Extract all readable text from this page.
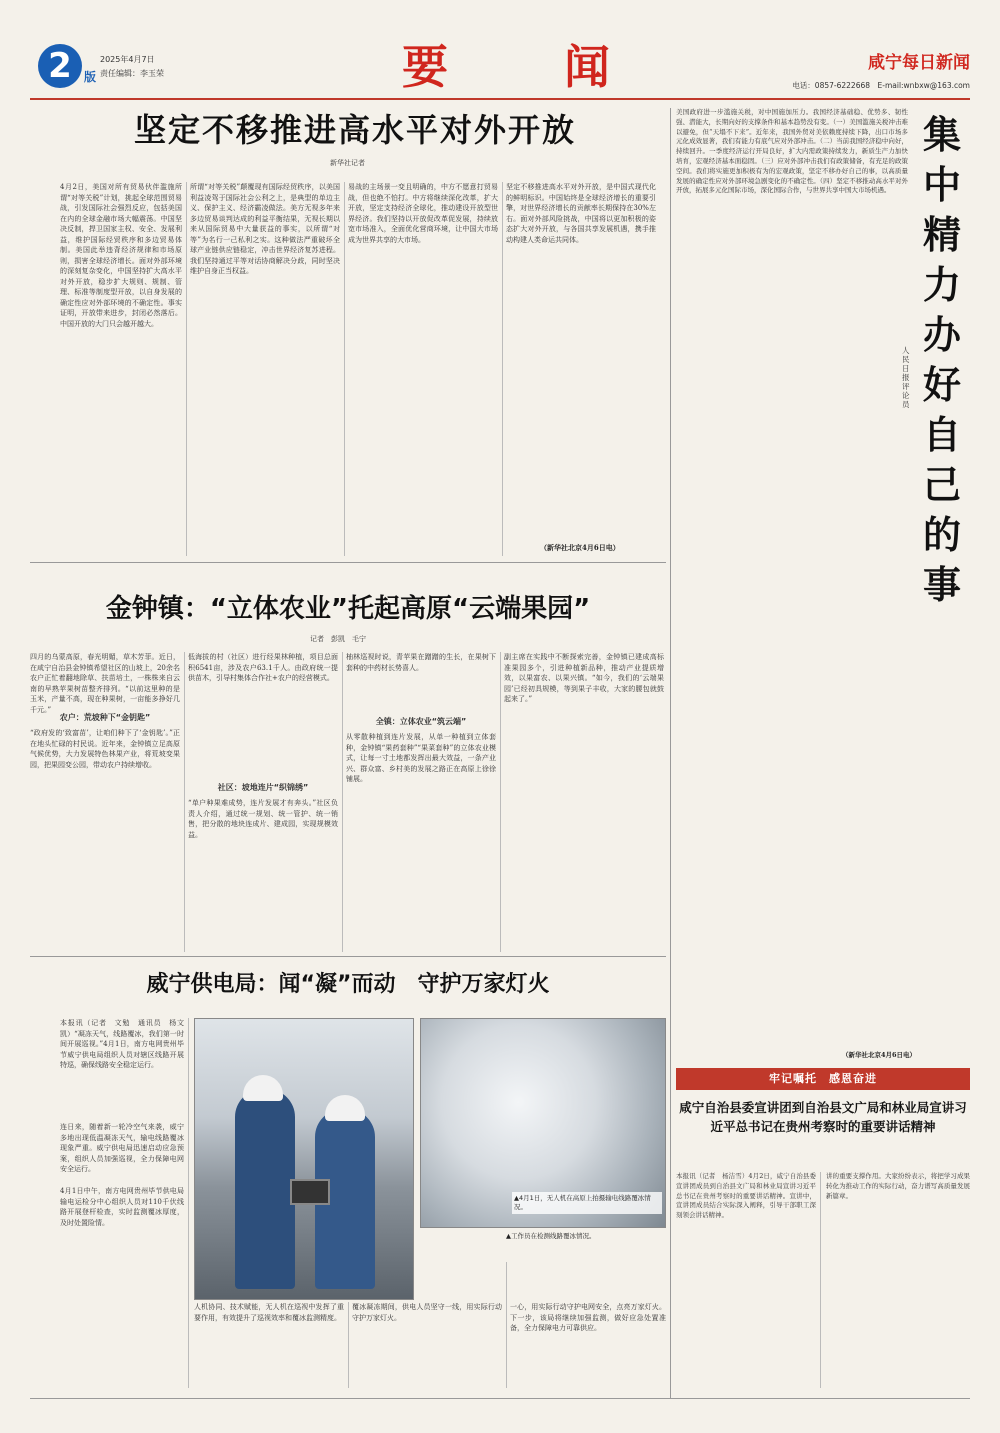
2	版
2025年4月7日
责任编辑：李玉荣	要　　闻	咸宁每日新闻
电话：0857-6222668　E-mail:wnbxw@163.com
坚定不移推进高水平对外开放
新华社记者
4月2日，美国对所有贸易伙伴滥施所谓“对等关税”计划，挑起全球范围贸易战，引发国际社会强烈反应，包括美国在内的全球金融市场大幅震荡。中国坚决反制，捍卫国家主权、安全、发展利益，维护国际经贸秩序和多边贸易体制。美国此举违背经济规律和市场原则，损害全球经济增长。面对外部环境的深刻复杂变化，中国坚持扩大高水平对外开放，稳步扩大规则、规制、管理、标准等制度型开放，以自身发展的确定性应对外部环境的不确定性。事实证明，开放带来进步，封闭必然落后。中国开放的大门只会越开越大。
所谓“对等关税”颠覆现有国际经贸秩序，以美国利益凌驾于国际社会公利之上，是典型的单边主义、保护主义、经济霸凌做法。美方无视多年来多边贸易谈判达成的利益平衡结果，无视长期以来从国际贸易中大量获益的事实，以所谓“对等”为名行一己私利之实。这种做法严重破坏全球产业链供应链稳定，冲击世界经济复苏进程。我们坚持通过平等对话协商解决分歧，同时坚决维护自身正当权益。
易战的主场景一变且明确的，中方不愿意打贸易战，但也绝不怕打。中方将继续深化改革，扩大开放，坚定支持经济全球化，推动建设开放型世界经济。我们坚持以开放促改革促发展，持续放宽市场准入，全面优化营商环境，让中国大市场成为世界共享的大市场。
坚定不移推进高水平对外开放，是中国式现代化的鲜明标识。中国始终是全球经济增长的重要引擎，对世界经济增长的贡献率长期保持在30%左右。面对外部风险挑战，中国将以更加积极的姿态扩大对外开放，与各国共享发展机遇，携手推动构建人类命运共同体。
（新华社北京4月6日电）
金钟镇：“立体农业”托起高原“云端果园”
记者　彭凯　毛宁
四月的乌蒙高原，春光明媚，草木芳菲。近日，在咸宁自治县金钟镇希望社区的山坡上，20余名农户正忙着翻地除草、扶苗培土，一株株来自云南的早熟苹果树苗整齐排列。“以前这里种的是玉米，产量不高，现在种果树，一亩能多挣好几千元。”
农户：荒坡种下“金钥匙”
“政府发的‘致富苗’，让咱们种下了‘金钥匙’。”正在地头忙碌的村民说。近年来，金钟镇立足高原气候优势，大力发展特色林果产业，将荒坡变果园，把果园变公园，带动农户持续增收。
低海拔的村（社区）进行经果林种植，项目总面积6541亩，涉及农户63.1千人。由政府统一提供苗木，引导村集体合作社+农户的经营模式。
社区：坡地连片“织锦绣”
“单户种果难成势，连片发展才有奔头。”社区负责人介绍，通过统一规划、统一管护、统一销售，把分散的地块连成片、建成园，实现规模效益。
柚林巡视时说，青苹果在蹭蹭的生长，在果树下套种的中药材长势喜人。
全镇：立体农业“筑云端”
从零散种植到连片发展，从单一种植到立体套种，金钟镇“果药套种”“果菜套种”的立体农业模式，让每一寸土地都发挥出最大效益，一条产业兴、群众富、乡村美的发展之路正在高原上徐徐铺展。
副主席在实践中不断探索完善，金钟镇已建成高标准果园多个，引进种植新品种，推动产业提质增效，以果富农、以果兴镇。“如今，我们的‘云端果园’已经初具规模，等到果子丰收，大家的腰包就鼓起来了。”
威宁供电局：闻“凝”而动　守护万家灯火
本报讯（记者　文勉　通讯员　杨文凯）“凝冻天气，线路覆冰，我们第一时间开展巡视。”4月1日，南方电网贵州毕节威宁供电局组织人员对辖区线路开展特巡，确保线路安全稳定运行。
连日来，随着新一轮冷空气来袭，威宁多地出现低温凝冻天气，输电线路覆冰现象严重。威宁供电局迅速启动应急预案，组织人员加强巡视，全力保障电网安全运行。
4月1日中午，南方电网贵州毕节供电局输电运检分中心组织人员对110千伏线路开展登杆检查，实时监测覆冰厚度，及时处置险情。
▲4月1日，无人机在高原上拍摄输电线路覆冰情况。
▲工作员在检测线路覆冰情况。
人机协同、技术赋能，无人机在巡视中发挥了重要作用，有效提升了巡视效率和覆冰监测精度。
覆冰凝冻期间，供电人员坚守一线，用实际行动守护万家灯火。
一心，用实际行动守护电网安全，点亮万家灯火。下一步，该局将继续加强监测，做好应急处置准备，全力保障电力可靠供应。
美国政府进一步滥施关税，对中国施加压力。我国经济基础稳、优势多、韧性强、潜能大，长期向好的支撑条件和基本趋势没有变。（一）美国滥施关税冲击难以避免，但“天塌不下来”。近年来，我国外贸对美依赖度持续下降，出口市场多元化成效显著，我们有能力有底气应对外部冲击。（二）当前我国经济稳中向好，持续回升。一季度经济运行开局良好，扩大内需政策持续发力，新质生产力加快培育，宏观经济基本面稳固。（三）应对外部冲击我们有政策储备，有充足的政策空间。我们将实施更加积极有为的宏观政策，坚定不移办好自己的事，以高质量发展的确定性应对外部环境急剧变化的不确定性。（四）坚定不移推动高水平对外开放，拓展多元化国际市场，深化国际合作，与世界共享中国大市场机遇。
集中精力办好自己的事
人民日报评论员
（新华社北京4月6日电）
牢记嘱托　感恩奋进
咸宁自治县委宣讲团到自治县文广局和林业局宣讲习近平总书记在贵州考察时的重要讲话精神
本报讯（记者　杨洁雪）4月2日，咸宁自治县委宣讲团成员到自治县文广局和林业局宣讲习近平总书记在贵州考察时的重要讲话精神。宣讲中，宣讲团成员结合实际深入阐释，引导干部职工深刻领会讲话精神。
讲的重要支撑作用。大家纷纷表示，将把学习成果转化为推动工作的实际行动，奋力谱写高质量发展新篇章。
